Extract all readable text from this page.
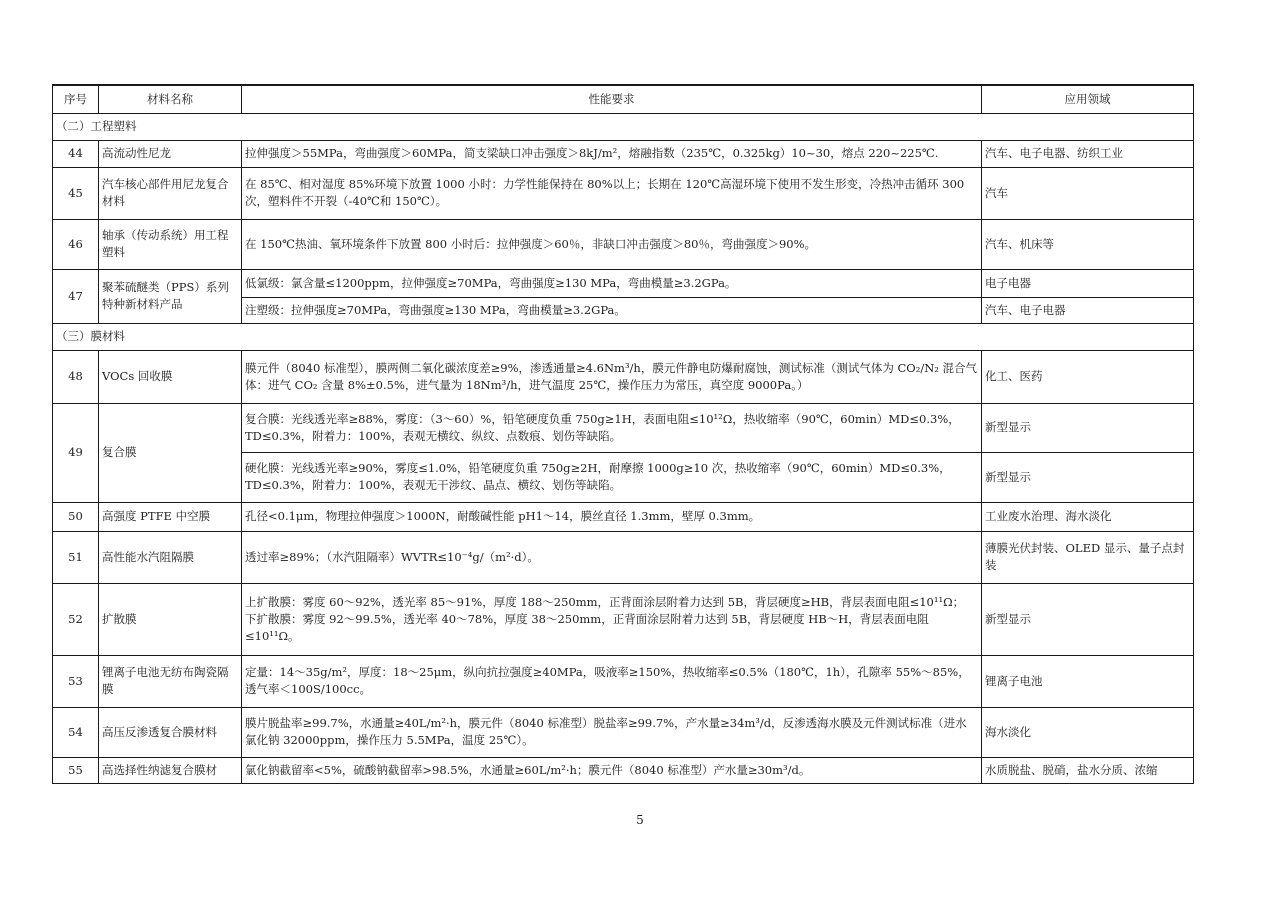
序号	材料名称	性能要求	应用领域
（二）工程塑料			
44	高流动性尼龙	拉伸强度＞55MPa，弯曲强度＞60MPa，简支梁缺口冲击强度＞8kJ/m²，熔融指数（235℃，0.325kg）10~30，熔点 220~225℃.	汽车、电子电器、纺织工业
45	汽车核心部件用尼龙复合材料	在 85℃、相对湿度 85%环境下放置 1000 小时：力学性能保持在 80%以上；长期在 120℃高湿环境下使用不发生形变，冷热冲击循环 300 次，塑料件不开裂（-40℃和 150℃）。	汽车
46	轴承（传动系统）用工程塑料	在 150℃热油、氧环境条件下放置 800 小时后：拉伸强度＞60％，非缺口冲击强度＞80％，弯曲强度＞90%。	汽车、机床等
47	聚苯硫醚类（PPS）系列特种新材料产品	低氯级：氯含量≤1200ppm，拉伸强度≥70MPa，弯曲强度≥130 MPa，弯曲模量≥3.2GPa。	电子电器
		注塑级：拉伸强度≥70MPa，弯曲强度≥130 MPa，弯曲模量≥3.2GPa。	汽车、电子电器
（三）膜材料			
48	VOCs 回收膜	膜元件（8040 标准型），膜两侧二氧化碳浓度差≥9%，渗透通量≥4.6Nm³/h，膜元件静电防爆耐腐蚀，测试标准（测试气体为 CO₂/N₂ 混合气体：进气 CO₂ 含量 8%±0.5%，进气量为 18Nm³/h，进气温度 25℃，操作压力为常压，真空度 9000Pa。）	化工、医药
49	复合膜	复合膜：光线透光率≥88%，雾度：（3～60）%，铅笔硬度负重 750g≥1H，表面电阻≤10¹²Ω，热收缩率（90℃，60min）MD≤0.3%，TD≤0.3%，附着力：100%，表观无横纹、纵纹、点数痕、划伤等缺陷。	新型显示
		硬化膜：光线透光率≥90%，雾度≤1.0%，铅笔硬度负重 750g≥2H，耐摩擦 1000g≥10 次，热收缩率（90℃，60min）MD≤0.3%，TD≤0.3%，附着力：100%，表观无干涉纹、晶点、横纹、划伤等缺陷。	新型显示
50	高强度 PTFE 中空膜	孔径<0.1μm，物理拉伸强度＞1000N，耐酸碱性能 pH1～14，膜丝直径 1.3mm，壁厚 0.3mm。	工业废水治理、海水淡化
51	高性能水汽阻隔膜	透过率≥89%；（水汽阻隔率）WVTR≤10⁻⁴g/（m²·d）。	薄膜光伏封装、OLED 显示、量子点封装
52	扩散膜	上扩散膜：雾度 60～92%，透光率 85～91%，厚度 188～250mm，正背面涂层附着力达到 5B，背层硬度≥HB，背层表面电阻≤10¹¹Ω；　　　　　　　　　　　　　　　下扩散膜：雾度 92～99.5%，透光率 40～78%，厚度 38～250mm，正背面涂层附着力达到 5B，背层硬度 HB～H，背层表面电阻≤10¹¹Ω。	新型显示
53	锂离子电池无纺布陶瓷隔膜	定量：14～35g/m²，厚度：18～25μm，纵向抗拉强度≥40MPa，吸液率≥150%，热收缩率≤0.5%（180℃，1h），孔隙率 55%～85%，透气率＜100S/100cc。	锂离子电池
54	高压反渗透复合膜材料	膜片脱盐率≥99.7%，水通量≥40L/m²·h，膜元件（8040 标准型）脱盐率≥99.7%，产水量≥34m³/d，反渗透海水膜及元件测试标准（进水氯化钠 32000ppm，操作压力 5.5MPa，温度 25℃）。	海水淡化
55	高选择性纳滤复合膜材	氯化钠截留率<5%，硫酸钠截留率>98.5%，水通量≥60L/m²·h；膜元件（8040 标准型）产水量≥30m³/d。	水质脱盐、脱硝，盐水分质、浓缩
5
